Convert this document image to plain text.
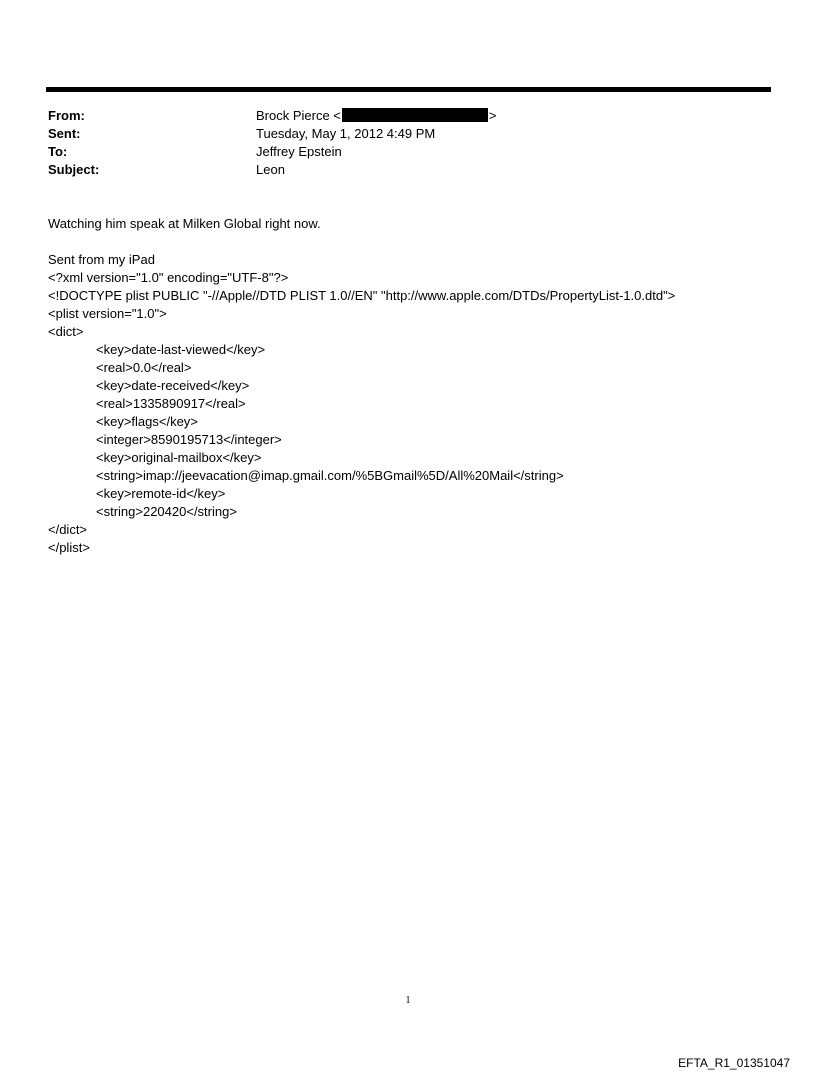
From:	Brock Pierce <	>
Sent:	Tuesday, May 1, 2012 4:49 PM
To:	Jeffrey Epstein
Subject:	Leon
Watching him speak at Milken Global right now.
Sent from my iPad
<?xml version="1.0" encoding="UTF-8"?>
<!DOCTYPE plist PUBLIC "-//Apple//DTD PLIST 1.0//EN" "http://www.apple.com/DTDs/PropertyList-1.0.dtd">
<plist version="1.0">
<dict>
<key>date-last-viewed</key>
<real>0.0</real>
<key>date-received</key>
<real>1335890917</real>
<key>flags</key>
<integer>8590195713</integer>
<key>original-mailbox</key>
<string>imap://jeevacation@imap.gmail.com/%5BGmail%5D/All%20Mail</string>
<key>remote-id</key>
<string>220420</string>
</dict>
</plist>
1
EFTA_R1_01351047
